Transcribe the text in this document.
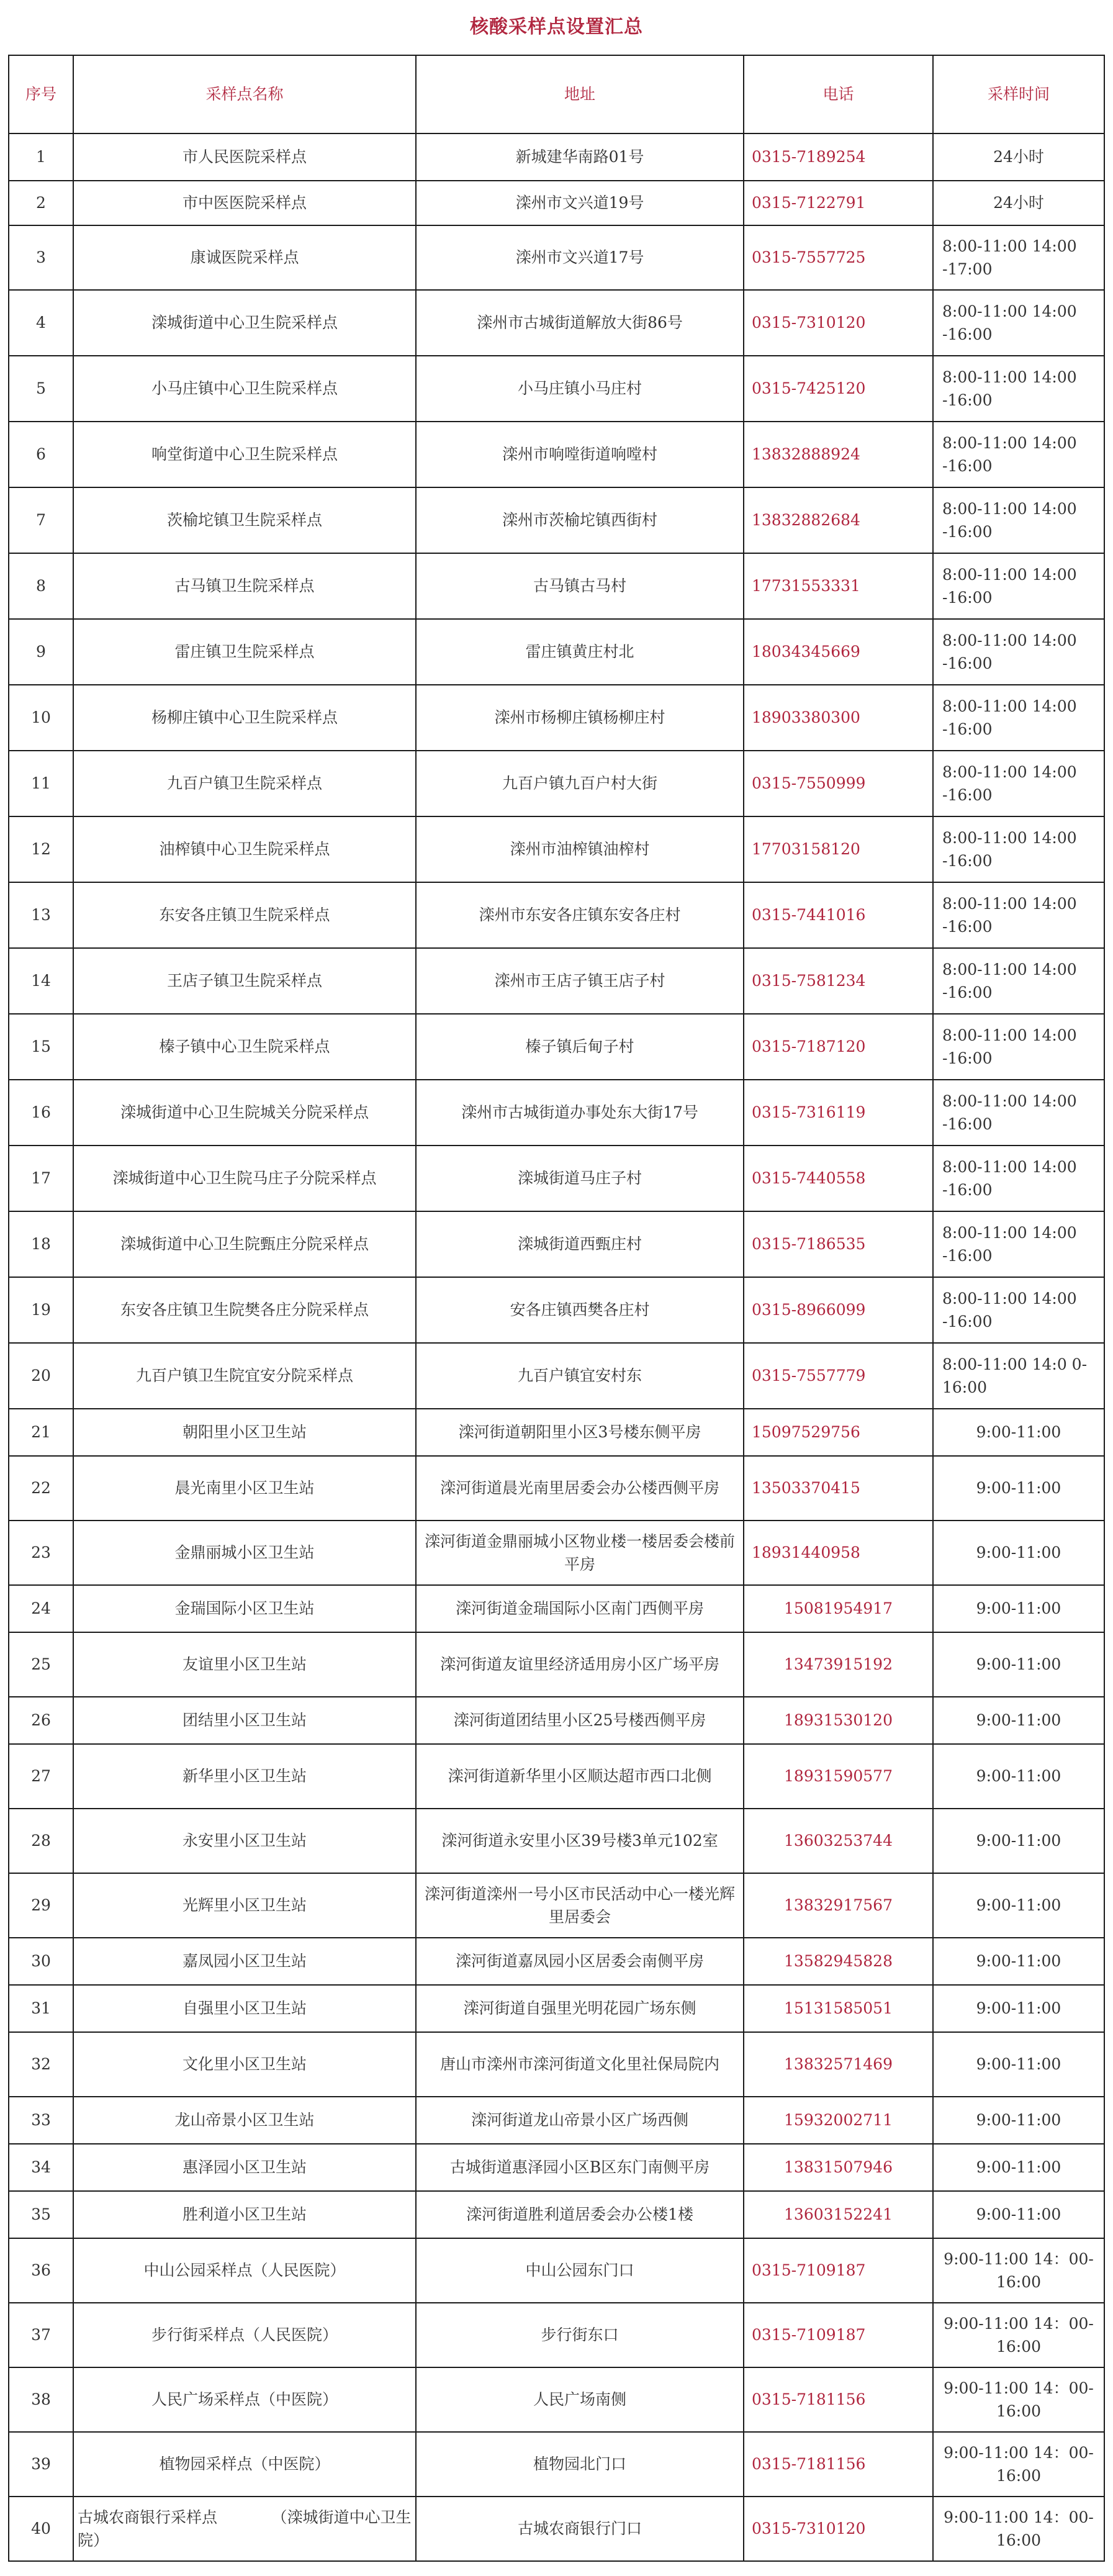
核酸采样点设置汇总
序号	采样点名称	地址	电话	采样时间
1	市人民医院采样点	新城建华南路01号	0315-7189254	24小时
2	市中医医院采样点	滦州市文兴道19号	0315-7122791	24小时
3	康诚医院采样点	滦州市文兴道17号	0315-7557725	8:00-11:00 14:00 -17:00
4	滦城街道中心卫生院采样点	滦州市古城街道解放大街86号	0315-7310120	8:00-11:00 14:00 -16:00
5	小马庄镇中心卫生院采样点	小马庄镇小马庄村	0315-7425120	8:00-11:00 14:00 -16:00
6	响堂街道中心卫生院采样点	滦州市响嘡街道响嘡村	13832888924	8:00-11:00 14:00 -16:00
7	茨榆坨镇卫生院采样点	滦州市茨榆坨镇西街村	13832882684	8:00-11:00 14:00 -16:00
8	古马镇卫生院采样点	古马镇古马村	17731553331	8:00-11:00 14:00 -16:00
9	雷庄镇卫生院采样点	雷庄镇黄庄村北	18034345669	8:00-11:00 14:00 -16:00
10	杨柳庄镇中心卫生院采样点	滦州市杨柳庄镇杨柳庄村	18903380300	8:00-11:00 14:00 -16:00
11	九百户镇卫生院采样点	九百户镇九百户村大街	0315-7550999	8:00-11:00 14:00 -16:00
12	油榨镇中心卫生院采样点	滦州市油榨镇油榨村	17703158120	8:00-11:00 14:00 -16:00
13	东安各庄镇卫生院采样点	滦州市东安各庄镇东安各庄村	0315-7441016	8:00-11:00 14:00 -16:00
14	王店子镇卫生院采样点	滦州市王店子镇王店子村	0315-7581234	8:00-11:00 14:00 -16:00
15	榛子镇中心卫生院采样点	榛子镇后甸子村	0315-7187120	8:00-11:00 14:00 -16:00
16	滦城街道中心卫生院城关分院采样点	滦州市古城街道办事处东大街17号	0315-7316119	8:00-11:00 14:00 -16:00
17	滦城街道中心卫生院马庄子分院采样点	滦城街道马庄子村	0315-7440558	8:00-11:00 14:00 -16:00
18	滦城街道中心卫生院甄庄分院采样点	滦城街道西甄庄村	0315-7186535	8:00-11:00 14:00 -16:00
19	东安各庄镇卫生院樊各庄分院采样点	安各庄镇西樊各庄村	0315-8966099	8:00-11:00 14:00 -16:00
20	九百户镇卫生院宜安分院采样点	九百户镇宜安村东	0315-7557779	8:00-11:00 14:0 0-16:00
21	朝阳里小区卫生站	滦河街道朝阳里小区3号楼东侧平房	15097529756	9:00-11:00
22	晨光南里小区卫生站	滦河街道晨光南里居委会办公楼西侧平房	13503370415	9:00-11:00
23	金鼎丽城小区卫生站	滦河街道金鼎丽城小区物业楼一楼居委会楼前平房	18931440958	9:00-11:00
24	金瑞国际小区卫生站	滦河街道金瑞国际小区南门西侧平房	15081954917	9:00-11:00
25	友谊里小区卫生站	滦河街道友谊里经济适用房小区广场平房	13473915192	9:00-11:00
26	团结里小区卫生站	滦河街道团结里小区25号楼西侧平房	18931530120	9:00-11:00
27	新华里小区卫生站	滦河街道新华里小区顺达超市西口北侧	18931590577	9:00-11:00
28	永安里小区卫生站	滦河街道永安里小区39号楼3单元102室	13603253744	9:00-11:00
29	光辉里小区卫生站	滦河街道滦州一号小区市民活动中心一楼光辉里居委会	13832917567	9:00-11:00
30	嘉凤园小区卫生站	滦河街道嘉凤园小区居委会南侧平房	13582945828	9:00-11:00
31	自强里小区卫生站	滦河街道自强里光明花园广场东侧	15131585051	9:00-11:00
32	文化里小区卫生站	唐山市滦州市滦河街道文化里社保局院内	13832571469	9:00-11:00
33	龙山帝景小区卫生站	滦河街道龙山帝景小区广场西侧	15932002711	9:00-11:00
34	惠泽园小区卫生站	古城街道惠泽园小区B区东门南侧平房	13831507946	9:00-11:00
35	胜利道小区卫生站	滦河街道胜利道居委会办公楼1楼	13603152241	9:00-11:00
36	中山公园采样点（人民医院）	中山公园东门口	0315-7109187	9:00-11:00 14：00-16:00
37	步行街采样点（人民医院）	步行街东口	0315-7109187	9:00-11:00 14：00-16:00
38	人民广场采样点（中医院）	人民广场南侧	0315-7181156	9:00-11:00 14：00-16:00
39	植物园采样点（中医院）	植物园北门口	0315-7181156	9:00-11:00 14：00-16:00
40	古城农商银行采样点　　　　（滦城街道中心卫生院）	古城农商银行门口	0315-7310120	9:00-11:00 14：00-16:00
